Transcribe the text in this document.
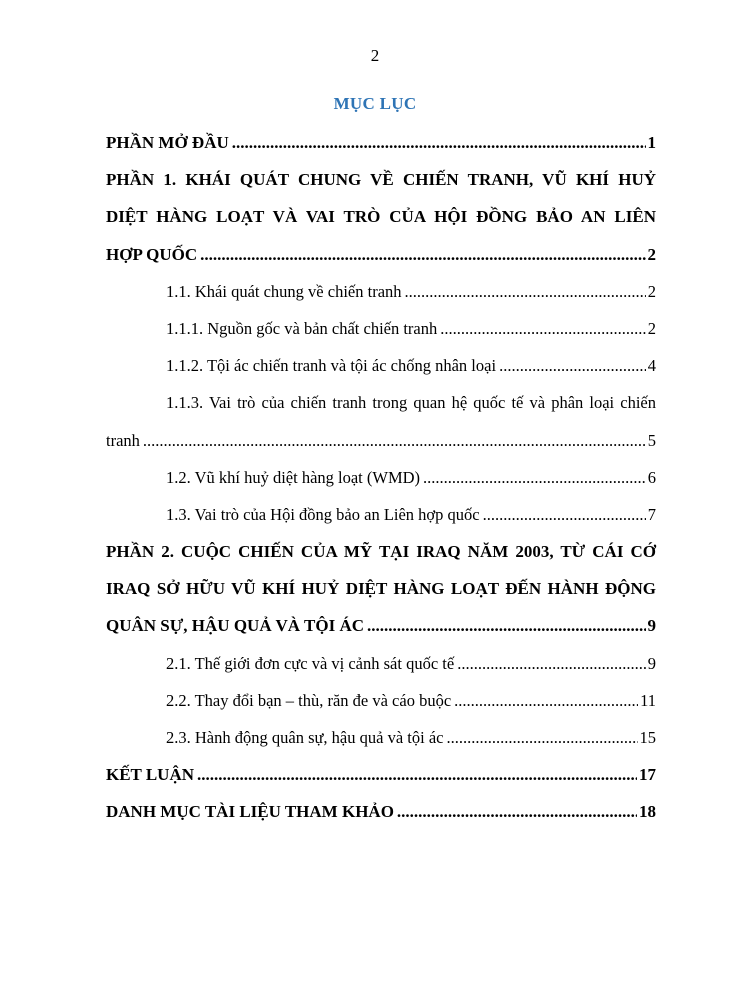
2
MỤC LỤC
PHẦN MỞ ĐẦU .....	1
PHẦN 1. KHÁI QUÁT CHUNG VỀ CHIẾN TRANH, VŨ KHÍ HUỶ
DIỆT HÀNG LOẠT VÀ VAI TRÒ CỦA HỘI ĐỒNG BẢO AN LIÊN
HỢP QUỐC .....	2
1.1. Khái quát chung về chiến tranh .....	2
1.1.1. Nguồn gốc và bản chất chiến tranh .....	2
1.1.2. Tội ác chiến tranh và tội ác chống nhân loại .....	4
1.1.3. Vai trò của chiến tranh trong quan hệ quốc tế và phân loại chiến
tranh .....	5
1.2. Vũ khí huỷ diệt hàng loạt (WMD) .....	6
1.3. Vai trò của Hội đồng bảo an Liên hợp quốc .....	7
PHẦN 2. CUỘC CHIẾN CỦA MỸ TẠI IRAQ NĂM 2003, TỪ CÁI CỚ
IRAQ SỞ HỮU VŨ KHÍ HUỶ DIỆT HÀNG LOẠT ĐẾN HÀNH ĐỘNG
QUÂN SỰ, HẬU QUẢ VÀ TỘI ÁC .....	9
2.1. Thế giới đơn cực và vị cảnh sát quốc tế .....	9
2.2. Thay đổi bạn – thù, răn đe và cáo buộc .....	11
2.3. Hành động quân sự, hậu quả và tội ác .....	15
KẾT LUẬN .....	17
DANH MỤC TÀI LIỆU THAM KHẢO .....	18
